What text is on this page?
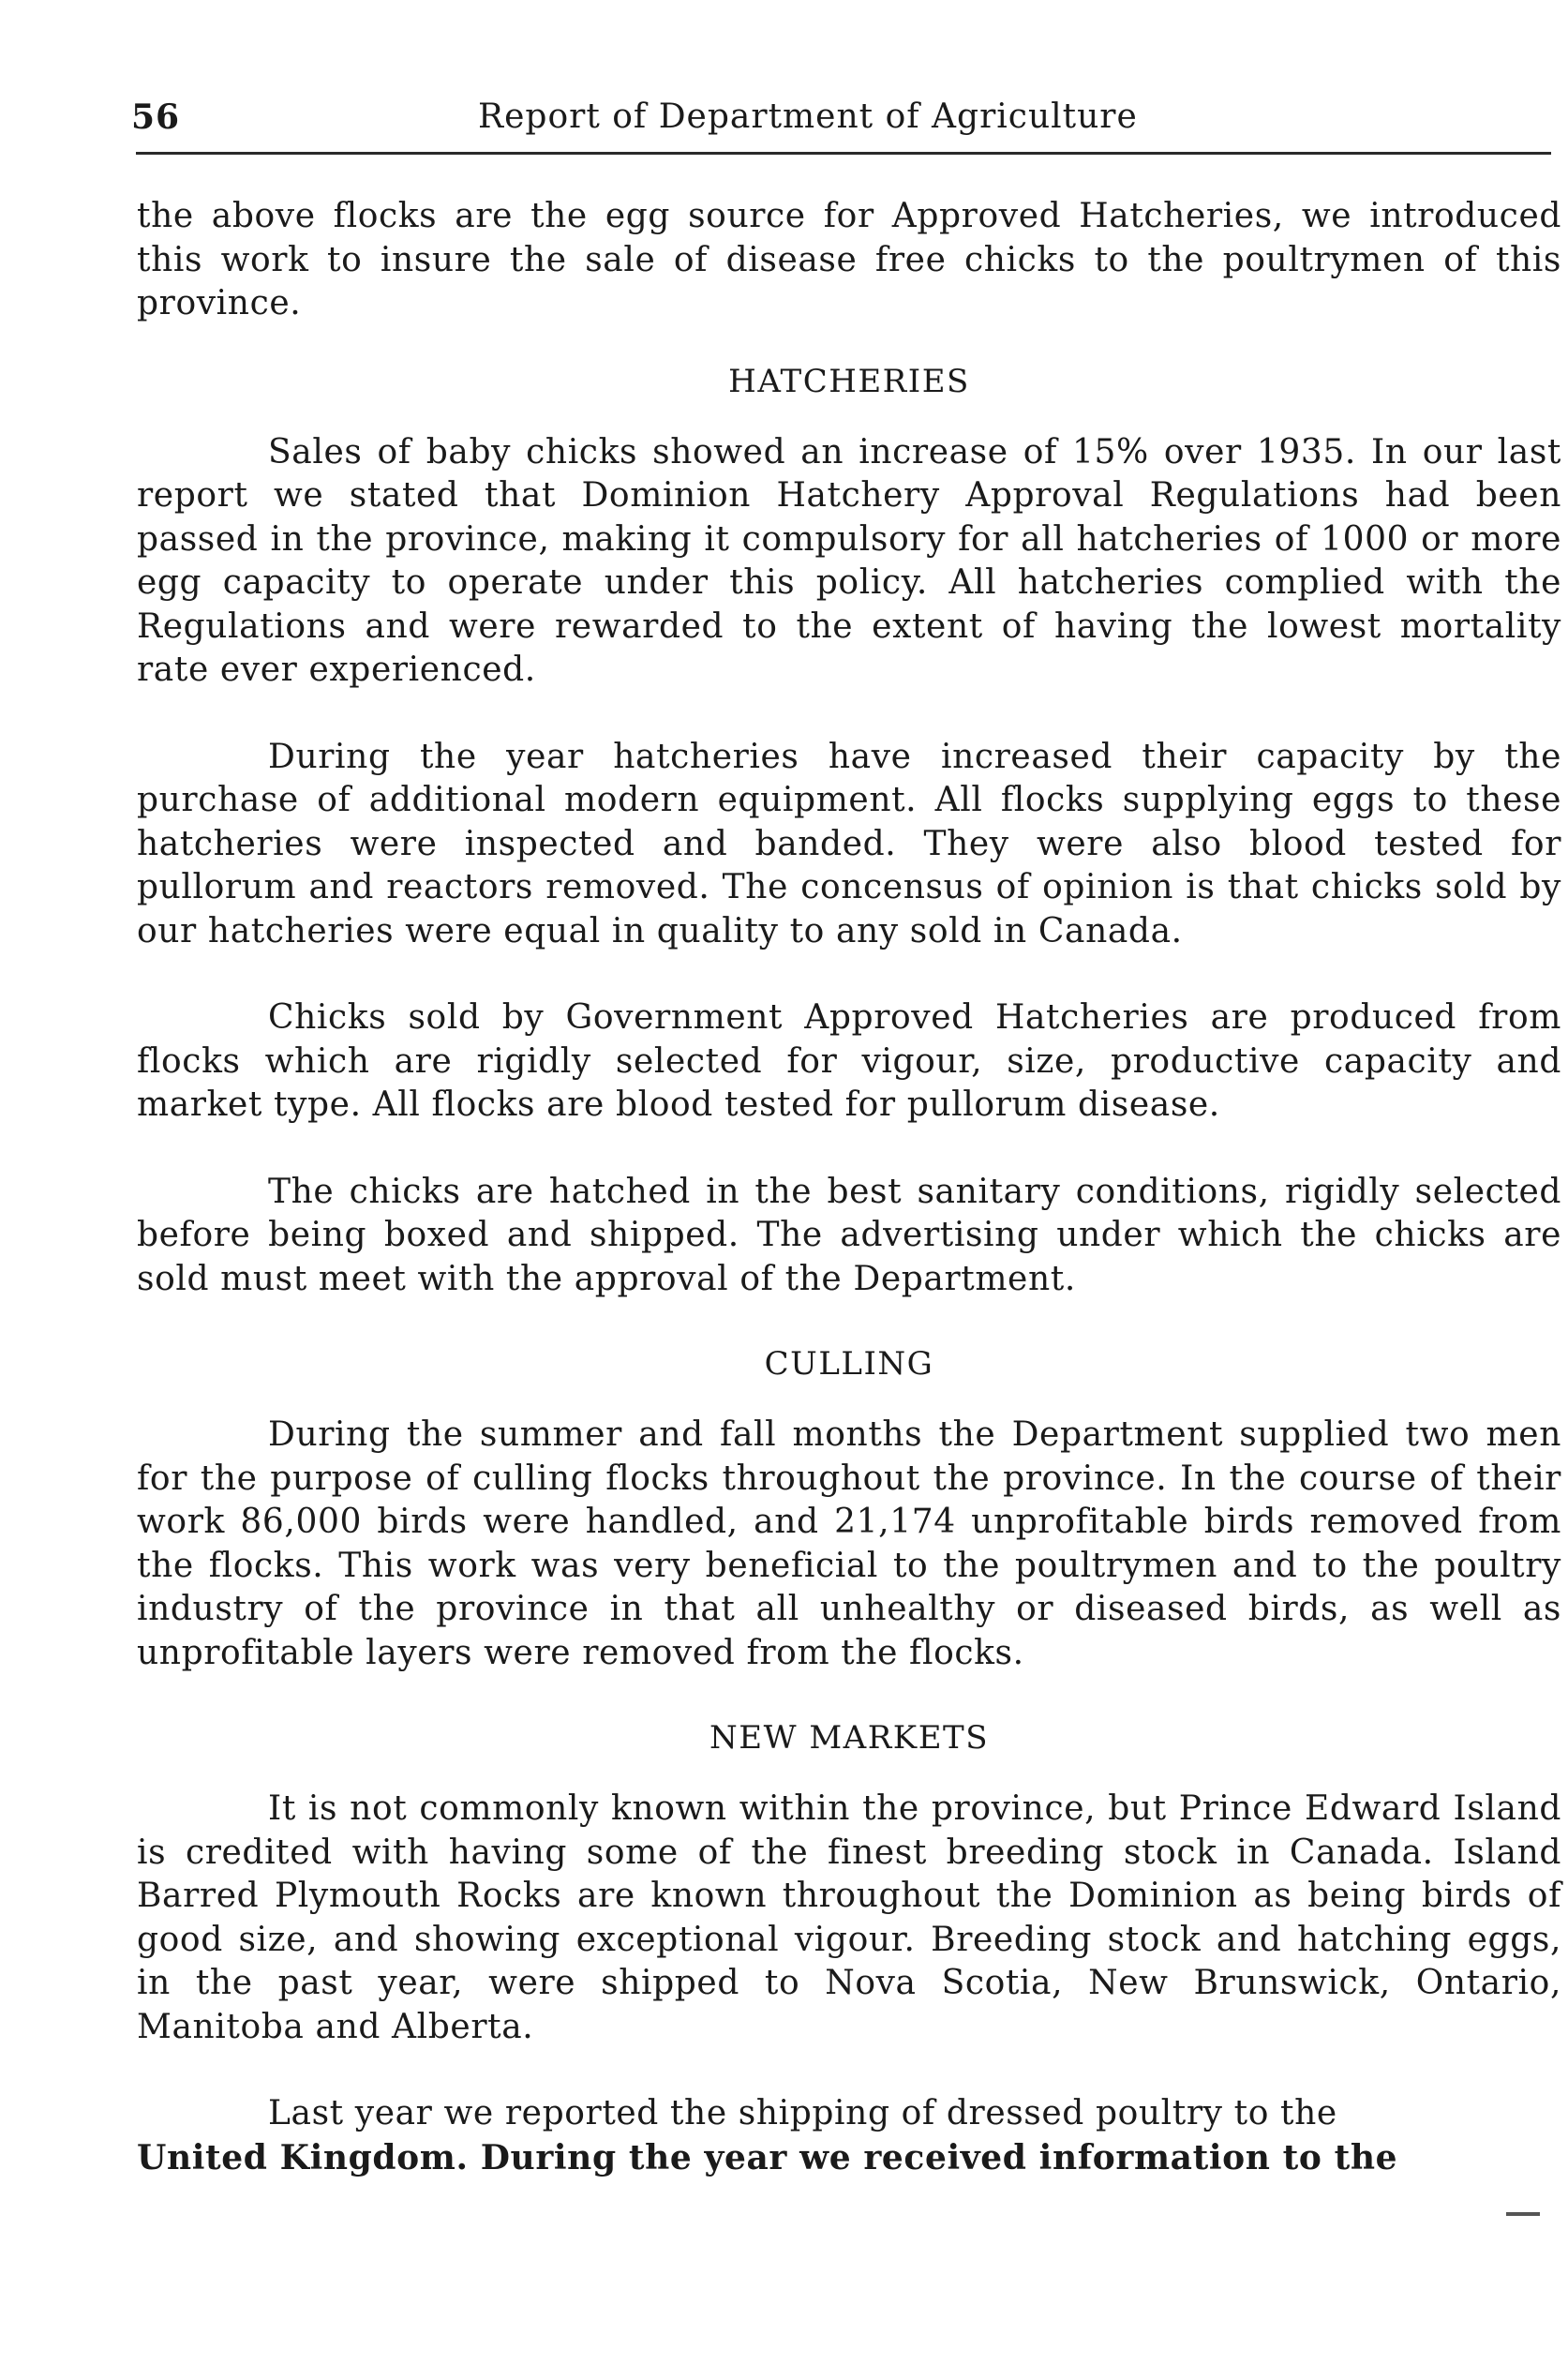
56	Report of Department of Agriculture

the above flocks are the egg source for Approved Hatcheries, we introduced this work to insure the sale of disease free chicks to the poultrymen of this province.

HATCHERIES

Sales of baby chicks showed an increase of 15% over 1935. In our last report we stated that Dominion Hatchery Approval Regulations had been passed in the province, making it compulsory for all hatcheries of 1000 or more egg capacity to operate under this policy. All hatcheries complied with the Regulations and were rewarded to the extent of having the lowest mortality rate ever experienced.

During the year hatcheries have increased their capacity by the purchase of additional modern equipment. All flocks supplying eggs to these hatcheries were inspected and banded. They were also blood tested for pullorum and reactors removed. The concensus of opinion is that chicks sold by our hatcheries were equal in quality to any sold in Canada.

Chicks sold by Government Approved Hatcheries are produced from flocks which are rigidly selected for vigour, size, productive capacity and market type. All flocks are blood tested for pullorum disease.

The chicks are hatched in the best sanitary conditions, rigidly selected before being boxed and shipped. The advertising under which the chicks are sold must meet with the approval of the Department.

CULLING

During the summer and fall months the Department supplied two men for the purpose of culling flocks throughout the province. In the course of their work 86,000 birds were handled, and 21,174 unprofitable birds removed from the flocks. This work was very beneficial to the poultrymen and to the poultry industry of the province in that all unhealthy or diseased birds, as well as unprofitable layers were removed from the flocks.

NEW MARKETS

It is not commonly known within the province, but Prince Edward Island is credited with having some of the finest breeding stock in Canada. Island Barred Plymouth Rocks are known throughout the Dominion as being birds of good size, and showing exceptional vigour. Breeding stock and hatching eggs, in the past year, were shipped to Nova Scotia, New Brunswick, Ontario, Manitoba and Alberta.

Last year we reported the shipping of dressed poultry to the

United Kingdom. During the year we received information to the
